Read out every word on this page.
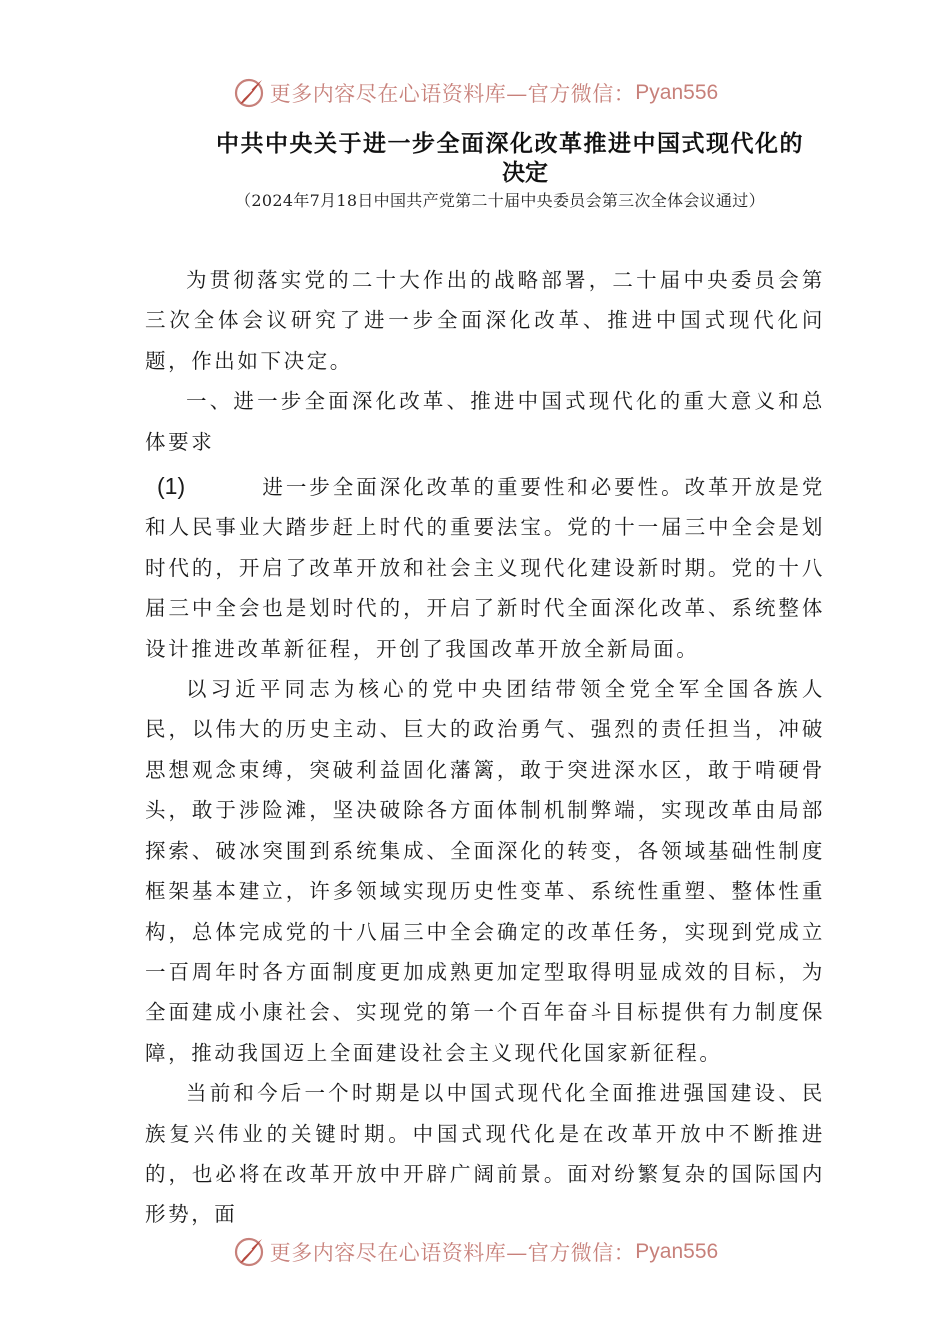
更多内容尽在心语资料库—官方微信： Pyan556
中共中央关于进一步全面深化改革推进中国式现代化的
决定
（2024年7月18日中国共产党第二十届中央委员会第三次全体会议通过）

为贯彻落实党的二十大作出的战略部署，二十届中央委员会第三次全体会议研究了进一步全面深化改革、推进中国式现代化问题，作出如下决定。

一、进一步全面深化改革、推进中国式现代化的重大意义和总体要求

(1)	进一步全面深化改革的重要性和必要性。改革开放是党和人民事业大踏步赶上时代的重要法宝。党的十一届三中全会是划时代的，开启了改革开放和社会主义现代化建设新时期。党的十八届三中全会也是划时代的，开启了新时代全面深化改革、系统整体设计推进改革新征程，开创了我国改革开放全新局面。

以习近平同志为核心的党中央团结带领全党全军全国各族人民，以伟大的历史主动、巨大的政治勇气、强烈的责任担当，冲破思想观念束缚，突破利益固化藩篱，敢于突进深水区，敢于啃硬骨头，敢于涉险滩，坚决破除各方面体制机制弊端，实现改革由局部探索、破冰突围到系统集成、全面深化的转变，各领域基础性制度框架基本建立，许多领域实现历史性变革、系统性重塑、整体性重构，总体完成党的十八届三中全会确定的改革任务，实现到党成立一百周年时各方面制度更加成熟更加定型取得明显成效的目标，为全面建成小康社会、实现党的第一个百年奋斗目标提供有力制度保障，推动我国迈上全面建设社会主义现代化国家新征程。

当前和今后一个时期是以中国式现代化全面推进强国建设、民族复兴伟业的关键时期。中国式现代化是在改革开放中不断推进的，也必将在改革开放中开辟广阔前景。面对纷繁复杂的国际国内形势，面

更多内容尽在心语资料库—官方微信： Pyan556
